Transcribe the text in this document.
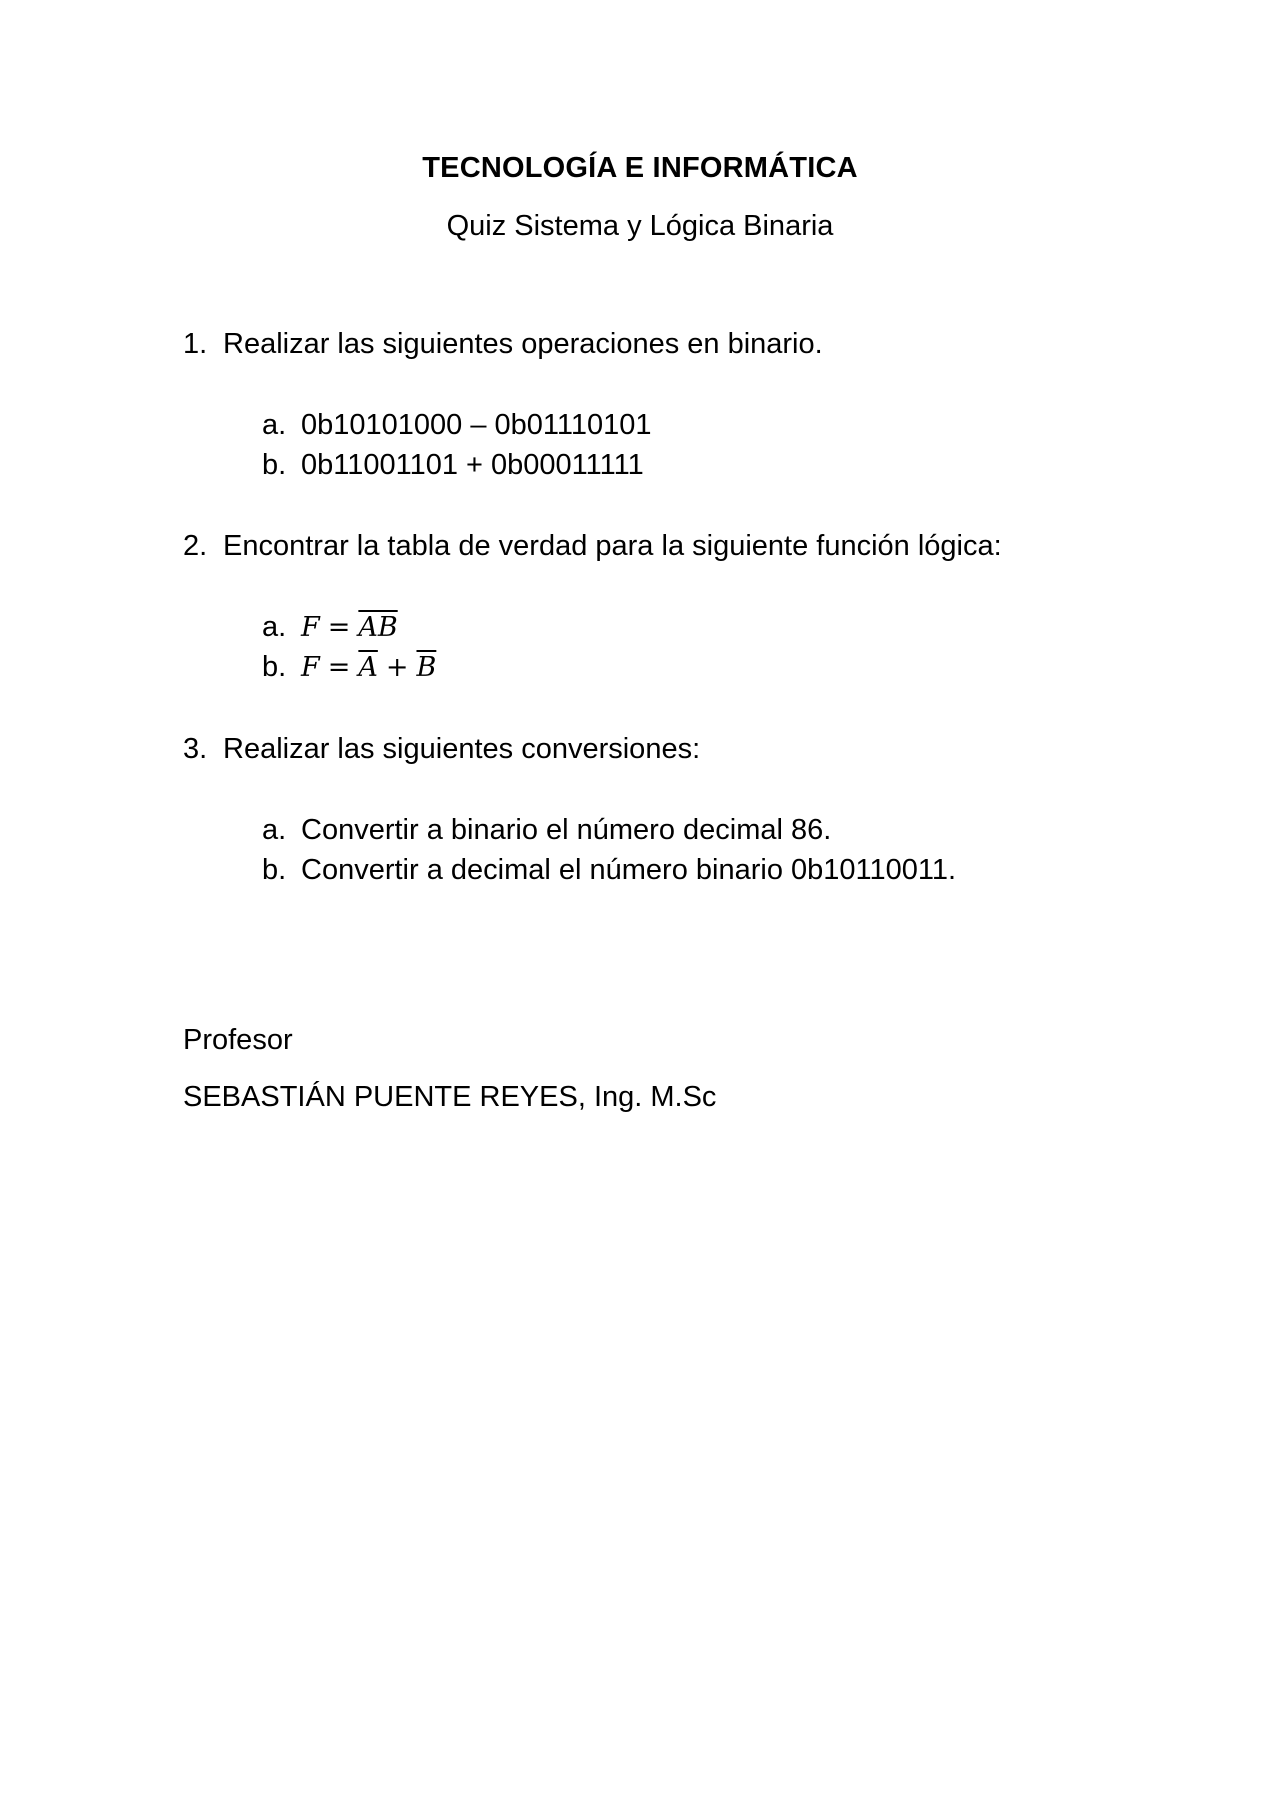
TECNOLOGÍA E INFORMÁTICA
Quiz Sistema y Lógica Binaria
1. Realizar las siguientes operaciones en binario.
a. 0b10101000 – 0b01110101
b. 0b11001101 + 0b00011111
2. Encontrar la tabla de verdad para la siguiente función lógica:
a. $F = \overline{AB}$
b. $F = \overline{A} + \overline{B}$
3. Realizar las siguientes conversiones:
a. Convertir a binario el número decimal 86.
b. Convertir a decimal el número binario 0b10110011.
Profesor
SEBASTIÁN PUENTE REYES, Ing. M.Sc
